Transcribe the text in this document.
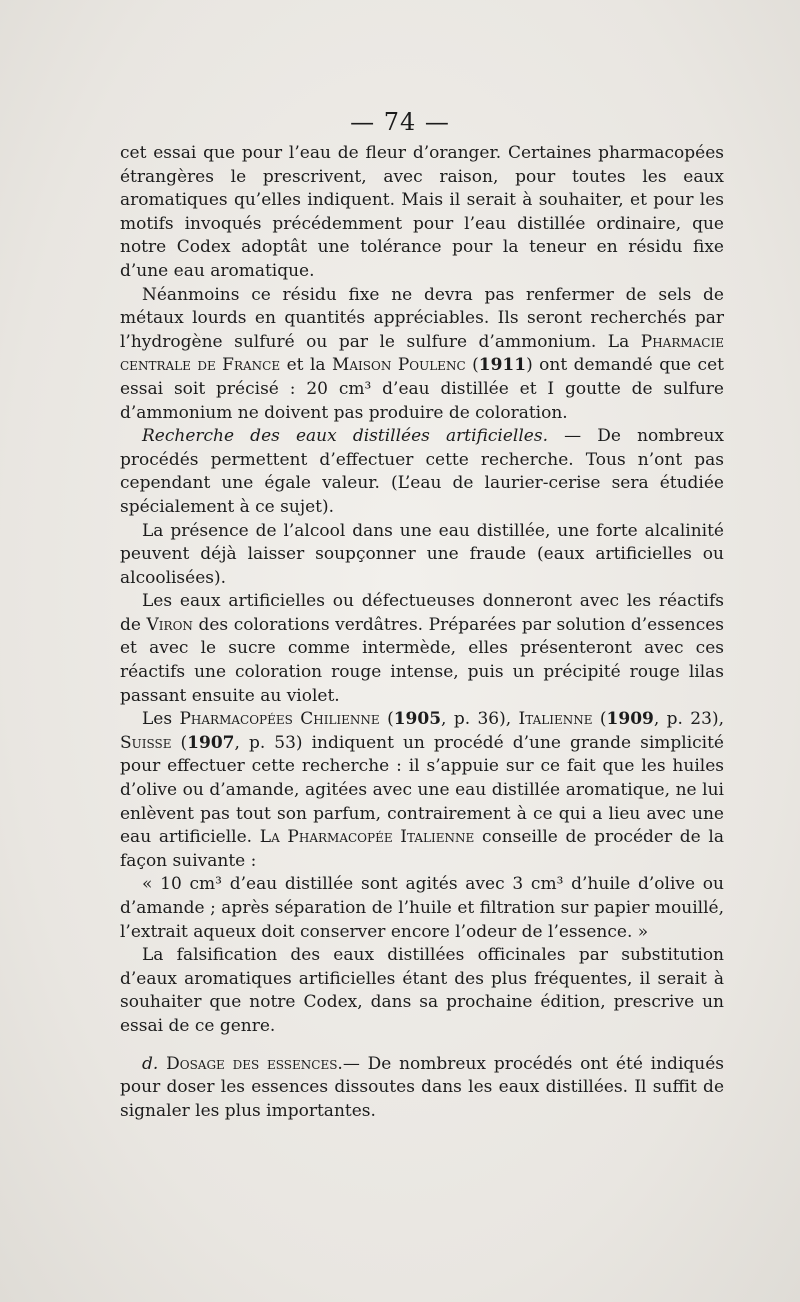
— 74 —

cet essai que pour l’eau de fleur d’oranger. Certaines pharmacopées étrangères le prescrivent, avec raison, pour toutes les eaux aromatiques qu’elles indiquent. Mais il serait à souhaiter, et pour les motifs invoqués précédemment pour l’eau distillée ordinaire, que notre Codex adoptât une tolérance pour la teneur en résidu fixe d’une eau aromatique.

Néanmoins ce résidu fixe ne devra pas renfermer de sels de métaux lourds en quantités appréciables. Ils seront recherchés par l’hydrogène sulfuré ou par le sulfure d’ammonium. La Pharmacie centrale de France et la Maison Poulenc (1911) ont demandé que cet essai soit précisé : 20 cm³ d’eau distillée et I goutte de sulfure d’ammonium ne doivent pas produire de coloration.

Recherche des eaux distillées artificielles. — De nombreux procédés permettent d’effectuer cette recherche. Tous n’ont pas cependant une égale valeur. (L’eau de laurier-cerise sera étudiée spécialement à ce sujet).

La présence de l’alcool dans une eau distillée, une forte alcalinité peuvent déjà laisser soupçonner une fraude (eaux artificielles ou alcoolisées).

Les eaux artificielles ou défectueuses donneront avec les réactifs de Viron des colorations verdâtres. Préparées par solution d’essences et avec le sucre comme intermède, elles présenteront avec ces réactifs une coloration rouge intense, puis un précipité rouge lilas passant ensuite au violet.

Les Pharmacopées Chilienne (1905, p. 36), Italienne (1909, p. 23), Suisse (1907, p. 53) indiquent un procédé d’une grande simplicité pour effectuer cette recherche : il s’appuie sur ce fait que les huiles d’olive ou d’amande, agitées avec une eau distillée aromatique, ne lui enlèvent pas tout son parfum, contrairement à ce qui a lieu avec une eau artificielle. La Pharmacopée Italienne conseille de procéder de la façon suivante :

« 10 cm³ d’eau distillée sont agités avec 3 cm³ d’huile d’olive ou d’amande ; après séparation de l’huile et filtration sur papier mouillé, l’extrait aqueux doit conserver encore l’odeur de l’essence. »

La falsification des eaux distillées officinales par substitution d’eaux aromatiques artificielles étant des plus fréquentes, il serait à souhaiter que notre Codex, dans sa prochaine édition, prescrive un essai de ce genre.

d. Dosage des essences.— De nombreux procédés ont été indiqués pour doser les essences dissoutes dans les eaux distillées. Il suffit de signaler les plus importantes.
